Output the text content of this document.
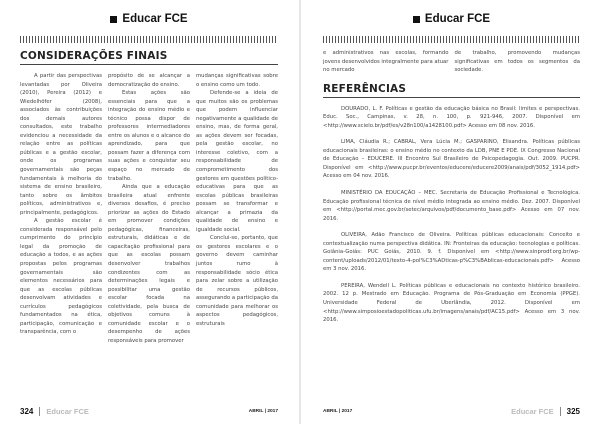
Educar FCE
CONSIDERAÇÕES FINAIS

A partir das perspectivas levantadas por Oliveira (2010), Pereira (2012) e Wiedelhöfer (2008), associados às contribuições dos demais autores consultados, este trabalho evidenciou a necessidade da relação entre as políticas públicas e a gestão escolar, onde os programas governamentais são peças fundamentais à melhoria do sistema de ensino brasileiro, tanto sobre os âmbitos políticos, administrativos e, principalmente, pedagógicos.

A gestão escolar é considerada responsável pelo cumprimento do princípio legal da promoção de educação a todos, e as ações propostas pelos programas governamentais são elementos necessários para que as escolas públicas desenvolvam atividades e currículos pedagógicos fundamentados na ética, participação, comunicação e transparência, com o

propósito de se alcançar a democratização do ensino.

Estas ações são essenciais para que a integração do ensino médio e técnico possa dispor de professores intermediadores entre os alunos e o alcance do aprendizado, para que possam fazer a diferença com suas ações e conquistar seu espaço no mercado de trabalho.

Ainda que a educação brasileira atual enfrente diversos desafios, é preciso priorizar as ações do Estado em promover condições pedagógicas, financeiras, estruturais, didáticas e de capacitação profissional para que as escolas possam desenvolver trabalhos condizentes com as determinações legais e possibilitar uma gestão escolar focada na coletividade, pela busca de objetivos comuns à comunidade escolar e o desempenho de ações responsáveis para promover

mudanças significativas sobre o ensino como um todo.

Defende-se a ideia de que muitos são os problemas que podem influenciar negativamente a qualidade de ensino, mas, de forma geral, as ações devem ser focadas, pela gestão escolar, no interesse coletivo, com a responsabilidade de comprometimento dos gestores em questões político-educativas para que as escolas públicas brasileiras possam se transformar e alcançar a primazia da qualidade de ensino e igualdade social.

Conclui-se, portanto, que os gestores escolares e o governo devem caminhar juntos rumo à responsabilidade sócio ética para zelar sobre a utilização de recursos públicos, assegurando a participação da comunidade para melhorar os aspectos pedagógicos, estruturais

324 Educar FCE	ABRIL | 2017
Educar FCE

e administrativos nas escolas, formando jovens desenvolvidos integralmente para atuar no mercado

de trabalho, promovendo mudanças significativas em todos os segmentos da sociedade.

REFERÊNCIAS

DOURADO, L. F. Políticas e gestão da educação básica no Brasil: limites e perspectivas. Educ. Soc., Campinas, v. 28, n. 100, p. 921-946, 2007. Disponível em <http://www.scielo.br/pdf/es/v28n100/a1428100.pdf> Acesso em 08 nov. 2016.

LIMA, Cláudia R.; CABRAL, Vera Lúcia M.; GASPARINO, Elisandra. Políticas públicas educacionais brasileiras: o ensino médio no contexto da LDB, PNE E PDE. IX Congresso Nacional de Educação – EDUCERE. III Encontro Sul Brasileiro de Psicopedagogia. Out. 2009. PUCPR. Disponível em <http://www.pucpr.br/eventos/educere/educere2009/anais/pdf/3052_1914.pdf> Acesso em 04 nov. 2016.

MINISTÉRIO DA EDUCAÇÃO – MEC. Secretaria de Educação Profissional e Tecnológica. Educação profissional técnica de nível médio integrada ao ensino médio. Dez. 2007. Disponível em <http://portal.mec.gov.br/setec/arquivos/pdf/documento_base.pdf> Acesso em 07 nov. 2016.

OLIVEIRA, Adão Francisco de Oliveira. Políticas públicas educacionais: Conceito e contextualização numa perspectiva didática. IN: Fronteiras da educação: tecnologias e políticas. Goiânia-Goiás: PUC Goiás, 2010. 9. f. Disponível em <http://www.sinprodf.org.br/wp-content/uploads/2012/01/texto-4-pol%C3%ADticas-p%C3%BAblicas-educacionais.pdf> Acesso em 3 nov. 2016.

PEREIRA, Wendell L. Políticas públicas e educacionais no contexto histórico brasileiro. 2002. 12 p. Mestrado em Educação. Programa de Pós-Graduação em Economia (PPGE). Universidade Federal de Uberlândia, 2012. Disponível em <http://www.simposioestadopoliticas.ufu.br/imagens/anais/pdf/AC15.pdf> Acesso em 3 nov. 2016.

ABRIL | 2017	Educar FCE 325
